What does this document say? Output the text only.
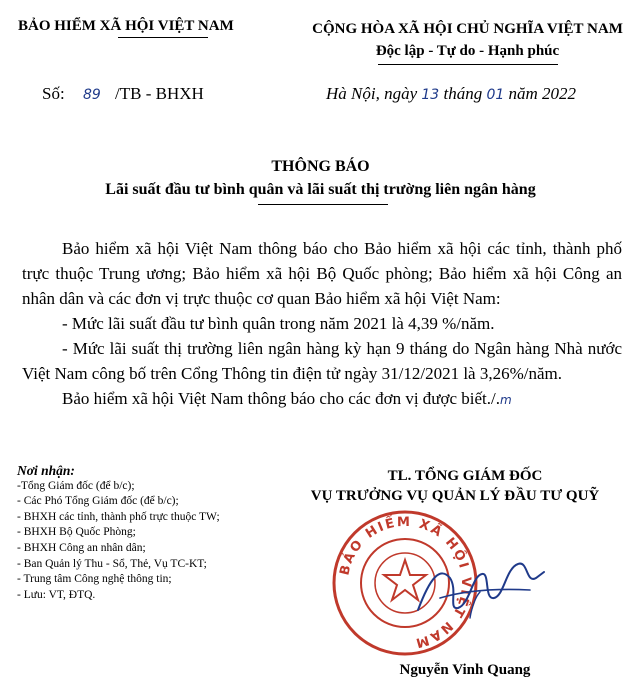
BẢO HIỂM XÃ HỘI VIỆT NAM	CỘNG HÒA XÃ HỘI CHỦ NGHĨA VIỆT NAM
Độc lập - Tự do - Hạnh phúc
Số: 89 /TB - BHXH	Hà Nội, ngày 13 tháng 01 năm 2022
THÔNG BÁO
Lãi suất đầu tư bình quân và lãi suất thị trường liên ngân hàng

Bảo hiểm xã hội Việt Nam thông báo cho Bảo hiểm xã hội các tỉnh, thành phố trực thuộc Trung ương; Bảo hiểm xã hội Bộ Quốc phòng; Bảo hiểm xã hội Công an nhân dân và các đơn vị trực thuộc cơ quan Bảo hiểm xã hội Việt Nam:

- Mức lãi suất đầu tư bình quân trong năm 2021 là 4,39 %/năm.

- Mức lãi suất thị trường liên ngân hàng kỳ hạn 9 tháng do Ngân hàng Nhà nước Việt Nam công bố trên Cổng Thông tin điện tử ngày 31/12/2021 là 3,26%/năm.

Bảo hiểm xã hội Việt Nam thông báo cho các đơn vị được biết./.m

Nơi nhận:
-Tổng Giám đốc (để b/c);
- Các Phó Tổng Giám đốc (để b/c);
- BHXH các tỉnh, thành phố trực thuộc TW;
- BHXH Bộ Quốc Phòng;
- BHXH Công an nhân dân;
- Ban Quản lý Thu - Sổ, Thẻ, Vụ TC-KT;
- Trung tâm Công nghệ thông tin;
- Lưu: VT, ĐTQ.
TL. TỔNG GIÁM ĐỐC
VỤ TRƯỞNG VỤ QUẢN LÝ ĐẦU TƯ QUỸ
BẢO HIỂM XÃ HỘI VIỆT NAM
Nguyễn Vinh Quang
